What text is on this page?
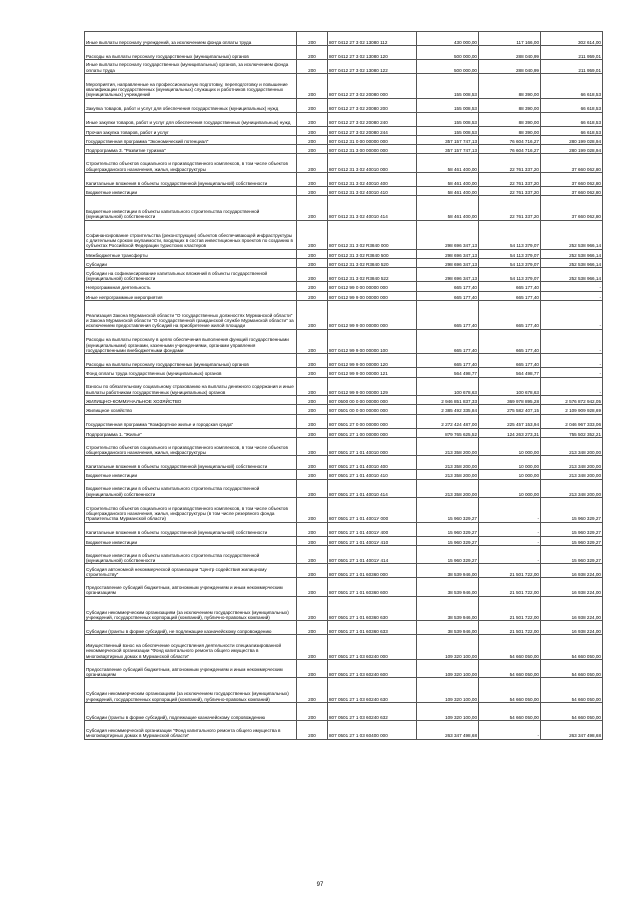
Иные выплаты персоналу учреждений, за исключением фонда оплаты труда	200	807 0412 27 3 02 13080 112	430 000,00	117 166,00	302 614,00
Расходы на выплаты персоналу государственных (муниципальных) органов	200	807 0412 27 3 02 13080 120	500 000,00	288 040,99	211 959,01
Иные выплаты персоналу государственных (муниципальных) органов, за исключением фонда оплаты труда	200	807 0412 27 3 02 13080 122	500 000,00	288 040,99	211 959,01
Мероприятия, направленные на профессиональную подготовку, переподготовку и повышение квалификации государственных (муниципальных) служащих и работников государственных (муниципальных) учреждений	200	807 0412 27 3 02 20080 000	155 008,53	88 390,00	66 618,53
Закупка товаров, работ и услуг для обеспечения государственных (муниципальных) нужд	200	807 0412 27 3 02 20080 200	155 008,53	88 390,00	66 618,53
Иные закупки товаров, работ и услуг для обеспечения государственных (муниципальных) нужд	200	807 0412 27 3 02 20080 240	155 008,53	88 390,00	66 618,53
Прочая закупка товаров, работ и услуг	200	807 0412 27 3 02 20080 244	155 008,53	88 390,00	66 618,53
Государственная программа "Экономический потенциал"	200	807 0412 31 0 00 00000 000	357 157 747,13	76 604 716,27	280 199 028,94
Подпрограмма 3. "Развитие туризма"	200	807 0412 31 3 00 00000 000	357 157 747,13	76 604 716,27	280 199 028,94
Строительство объектов социального и производственного комплексов, в том числе объектов общегражданского назначения, жилья, инфраструктуры	200	807 0412 31 3 02 40010 000	58 461 400,00	22 761 337,20	37 660 062,80
Капитальные вложения в объекты государственной (муниципальной) собственности	200	807 0412 31 3 02 40010 400	58 461 400,00	22 761 337,20	37 660 062,80
Бюджетные инвестиции	200	807 0412 31 3 02 40010 410	58 461 400,00	22 761 337,20	37 660 062,80
Бюджетные инвестиции в объекты капитального строительства государственной (муниципальной) собственности	200	807 0412 31 3 02 40010 414	58 461 400,00	22 761 337,20	37 660 062,80
Софинансирование строительства (реконструкции) объектов обеспечивающей инфраструктуры с длительным сроком окупаемости, входящих в состав инвестиционных проектов по созданию в субъектах Российской Федерации туристских кластеров	200	807 0412 31 3 02 R3840 000	298 696 347,13	54 113 379,07	252 538 966,14
Межбюджетные трансферты	200	807 0412 31 3 02 R3840 500	298 696 347,13	54 113 379,07	252 538 966,14
Субсидии	200	807 0412 31 3 02 R3840 520	298 696 347,13	54 113 379,07	252 538 966,14
Субсидии на софинансирование капитальных вложений в объекты государственной (муниципальной) собственности	200	807 0412 31 3 02 R3840 522	298 696 347,13	54 113 379,07	252 538 966,14
Непрограммная деятельность	200	807 0412 99 0 00 00000 000	665 177,40	665 177,40	-
Иные непрограммные мероприятия	200	807 0412 99 9 00 00000 000	665 177,40	665 177,40	-
Реализация Закона Мурманской области "О государственных должностях Мурманской области" и Закона Мурманской области "О государственной гражданской службе Мурманской области" за исключением предоставления субсидий на приобретение жилой площади	200	807 0412 99 9 00 00000 000	665 177,40	665 177,40	-
Расходы на выплаты персоналу в целях обеспечения выполнения функций государственными (муниципальными) органами, казенными учреждениями, органами управления государственными внебюджетными фондами	200	807 0412 99 9 00 00000 100	665 177,40	665 177,40	-
Расходы на выплаты персоналу государственных (муниципальных) органов	200	807 0412 99 9 00 00000 120	665 177,40	665 177,40	-
Фонд оплаты труда государственных (муниципальных) органов	200	807 0412 99 9 00 00000 121	564 498,77	564 498,77	-
Взносы по обязательному социальному страхованию на выплаты денежного содержания и иные выплаты работникам государственных (муниципальных) органов	200	807 0412 99 9 00 00000 129	100 678,63	100 678,63	-
ЖИЛИЩНО-КОММУНАЛЬНОЕ ХОЗЯЙСТВО	200	807 0500 00 0 00 00000 000	2 946 851 837,33	369 978 895,28	2 576 872 942,05
Жилищное хозяйство	200	807 0501 00 0 00 00000 000	2 385 492 335,84	275 582 407,15	2 109 909 928,69
Государственная программа "Комфортное жилье и городская среда"	200	807 0501 27 0 00 00000 000	2 272 424 487,00	225 457 153,94	2 046 967 333,06
Подпрограмма 1. "Жилье"	200	807 0501 27 1 00 00000 000	879 765 625,52	124 263 273,31	755 502 352,21
Строительство объектов социального и производственного комплексов, в том числе объектов общегражданского назначения, жилья, инфраструктуры	200	807 0501 27 1 01 40010 000	213 358 200,00	10 000,00	213 348 200,00
Капитальные вложения в объекты государственной (муниципальной) собственности	200	807 0501 27 1 01 40010 400	213 358 200,00	10 000,00	213 348 200,00
Бюджетные инвестиции	200	807 0501 27 1 01 40010 410	213 358 200,00	10 000,00	213 348 200,00
Бюджетные инвестиции в объекты капитального строительства государственной (муниципальной) собственности	200	807 0501 27 1 01 40010 414	213 358 200,00	10 000,00	213 348 200,00
Строительство объектов социального и производственного комплексов, в том числе объектов общегражданского назначения, жилья, инфраструктуры (в том числе резервного фонда Правительства Мурманской области)	200	807 0501 27 1 01 4001У 000	15 960 329,27	-	15 960 329,27
Капитальные вложения в объекты государственной (муниципальной) собственности	200	807 0501 27 1 01 4001У 400	15 960 329,27	-	15 960 329,27
Бюджетные инвестиции	200	807 0501 27 1 01 4001У 410	15 960 329,27	-	15 960 329,27
Бюджетные инвестиции в объекты капитального строительства государственной (муниципальной) собственности	200	807 0501 27 1 01 4001У 414	15 960 329,27	-	15 960 329,27
Субсидия автономной некоммерческой организации "Центр содействия жилищному строительству"	200	807 0501 27 1 01 60360 000	38 539 946,00	21 501 722,00	16 938 224,00
Предоставление субсидий бюджетным, автономным учреждениям и иным некоммерческим организациям	200	807 0501 27 1 01 60360 600	38 539 946,00	21 501 722,00	16 938 224,00
Субсидии некоммерческим организациям (за исключением государственных (муниципальных) учреждений, государственных корпораций (компаний), публично-правовых компаний)	200	807 0501 27 1 01 60360 630	38 539 946,00	21 501 722,00	16 938 224,00
Субсидии (гранты в форме субсидий), не подлежащие казначейскому сопровождению	200	807 0501 27 1 01 60360 633	38 539 946,00	21 501 722,00	16 938 224,00
Имущественный взнос на обеспечение осуществления деятельности специализированной некоммерческой организации "Фонд капитального ремонта общего имущества в многоквартирных домах в Мурманской области"	200	807 0501 27 1 03 60240 000	109 320 100,00	54 660 050,00	54 660 050,00
Предоставление субсидий бюджетным, автономным учреждениям и иным некоммерческим организациям	200	807 0501 27 1 03 60240 600	109 320 100,00	54 660 050,00	54 660 050,00
Субсидии некоммерческим организациям (за исключением государственных (муниципальных) учреждений, государственных корпораций (компаний), публично-правовых компаний)	200	807 0501 27 1 03 60240 630	109 320 100,00	54 660 050,00	54 660 050,00
Субсидии (гранты в форме субсидий), подлежащие казначейскому сопровождению	200	807 0501 27 1 03 60240 632	109 320 100,00	54 660 050,00	54 660 050,00
Субсидия некоммерческой организации "Фонд капитального ремонта общего имущества в многоквартирных домах в Мурманской области"	200	807 0501 27 1 03 60400 000	263 347 498,68	-	263 347 498,68
97
